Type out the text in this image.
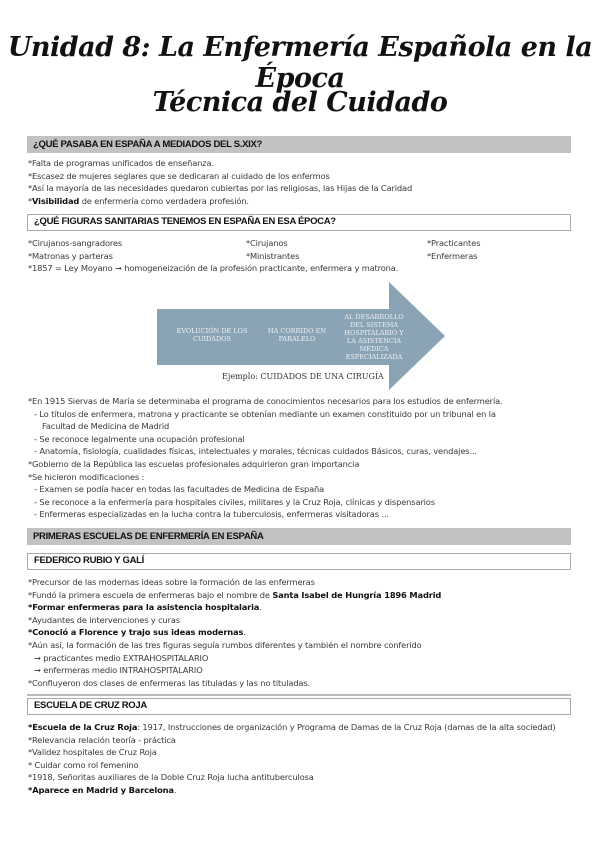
Unidad 8: La Enfermería Española en la Época
Técnica del Cuidado
¿QUÉ PASABA EN ESPAÑA A MEDIADOS DEL S.XIX?
*Falta de programas unificados de enseñanza.
*Escasez de mujeres seglares que se dedicaran al cuidado de los enfermos
*Así la mayoría de las necesidades quedaron cubiertas por las religiosas, las Hijas de la Caridad
*Visibilidad de enfermería como verdadera profesión.
¿QUÉ FIGURAS SANITARIAS TENEMOS EN ESPAÑA EN ESA ÉPOCA?
*Cirujanos-sangradores	*Cirujanos	*Practicantes
*Matronas y parteras	*Ministrantes	*Enfermeras
*1857 = Ley Moyano ➞ homogeneización de la profesión practicante, enfermera y matrona.
EVOLUCIÓN DE LOS CUIDADOS
HA CORRIDO EN PARALELO
AL DESARROLLO DEL SISTEMA HOSPITALARIO Y LA ASISTENCIA MÉDICA ESPECIALIZADA
Ejemplo: CUIDADOS DE UNA CIRUGÍA
*En 1915 Siervas de María se determinaba el programa de conocimientos necesarios para los estudios de enfermería.
- Lo títulos de enfermera, matrona y practicante se obtenían mediante un examen constituido por un tribunal en la
Facultad de Medicina de Madrid
- Se reconoce legalmente una ocupación profesional
- Anatomía, fisiología, cualidades físicas, intelectuales y morales, técnicas cuidados Básicos, curas, vendajes...
*Gobierno de la República las escuelas profesionales adquirieron gran importancia
*Se hicieron modificaciones :
- Examen se podía hacer en todas las facultades de Medicina de España
- Se reconoce a la enfermería para hospitales civiles, militares y la Cruz Roja, clínicas y dispensarios
- Enfermeras especializadas en la lucha contra la tuberculosis, enfermeras visitadoras ...
PRIMERAS ESCUELAS DE ENFERMERÍA EN ESPAÑA
FEDERICO RUBIO Y GALÍ
*Precursor de las modernas ideas sobre la formación de las enfermeras
*Fundó la primera escuela de enfermeras bajo el nombre de Santa Isabel de Hungría 1896 Madrid
*Formar enfermeras para la asistencia hospitalaria.
*Ayudantes de intervenciones y curas
*Conoció a Florence y trajo sus ideas modernas.
*Aún así, la formación de las tres figuras seguía rumbos diferentes y también el nombre conferido
➞ practicantes medio EXTRAHOSPITALARIO
➞ enfermeras medio INTRAHOSPITALARIO
*Confluyeron dos clases de enfermeras las tituladas y las no tituladas.
ESCUELA DE CRUZ ROJA
*Escuela de la Cruz Roja: 1917, Instrucciones de organización y Programa de Damas de la Cruz Roja (damas de la alta sociedad)
*Relevancia relación teoría - práctica
*Validez hospitales de Cruz Roja
* Cuidar como rol femenino
*1918, Señoritas auxiliares de la Doble Cruz Roja lucha antituberculosa
*Aparece en Madrid y Barcelona.
